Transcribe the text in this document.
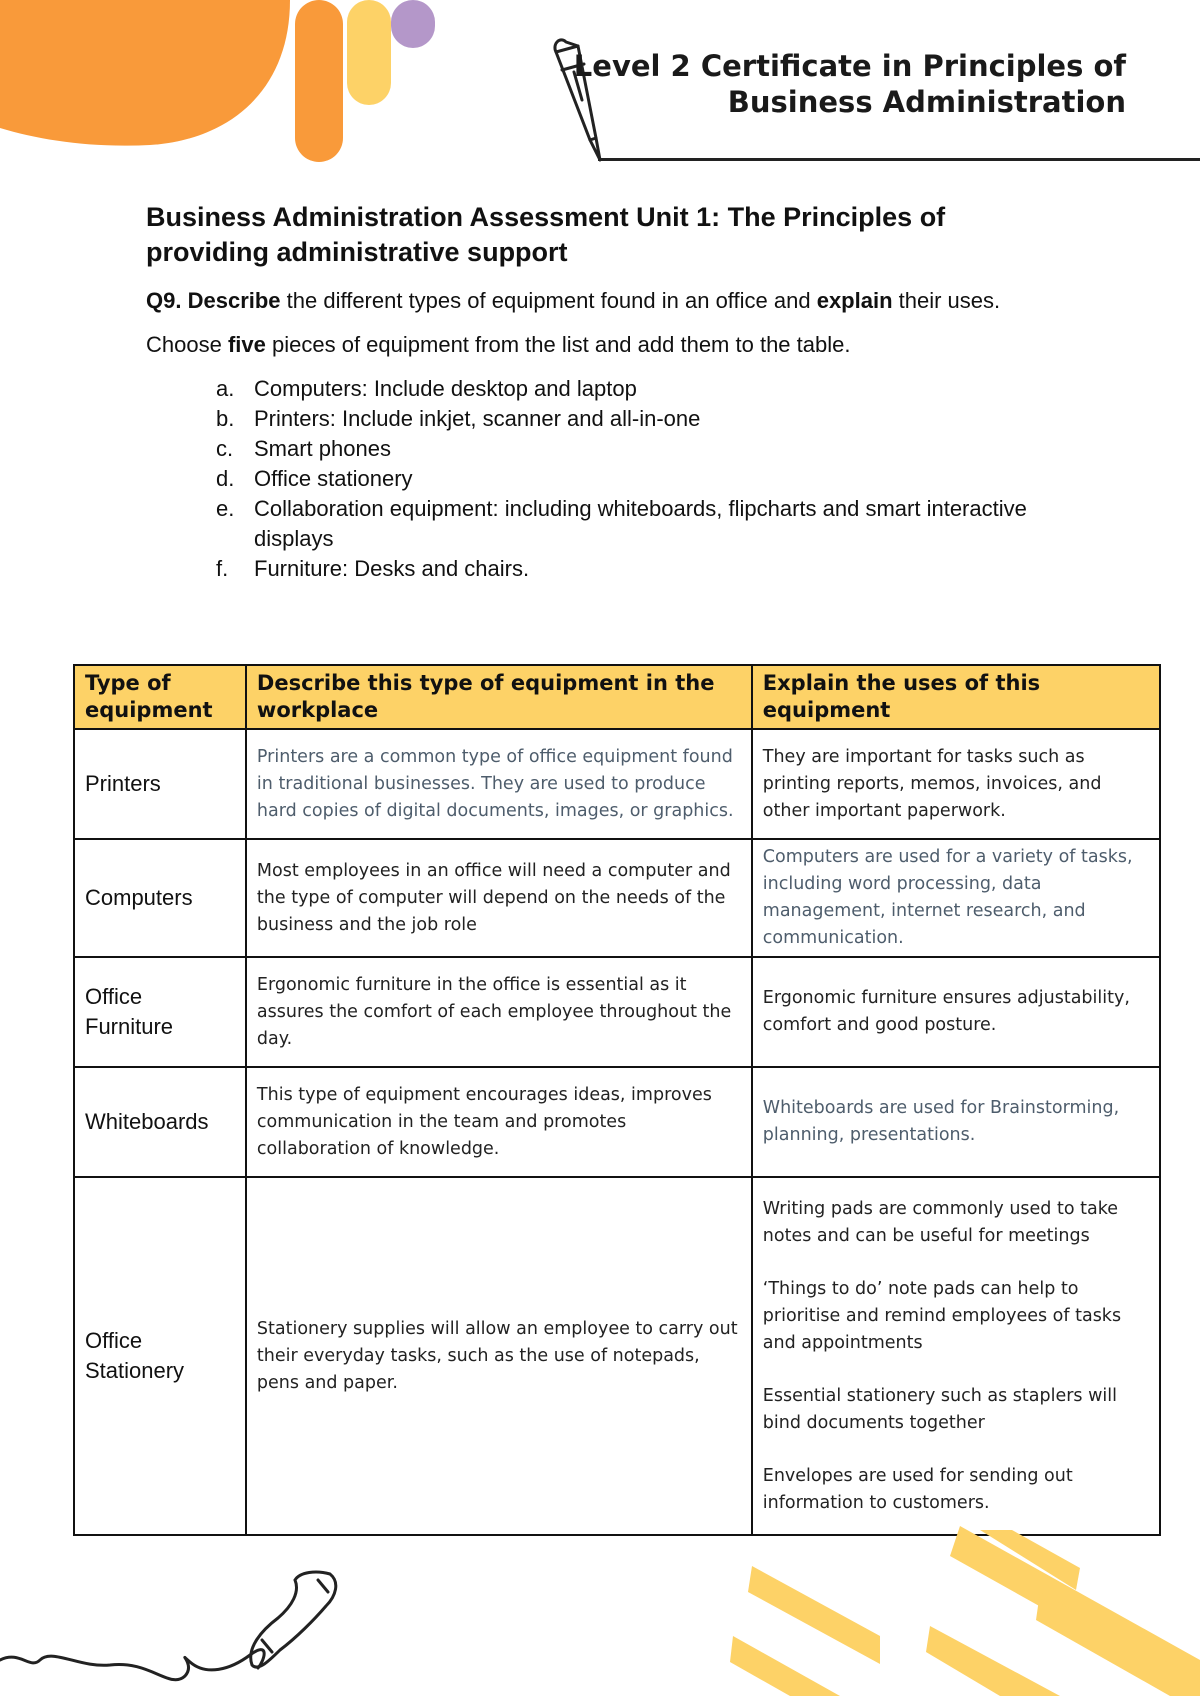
Level 2 Certificate in Principles of
Business Administration
Business Administration Assessment Unit 1: The Principles of providing administrative support

Q9. Describe the different types of equipment found in an office and explain their uses.

Choose five pieces of equipment from the list and add them to the table.

a. Computers: Include desktop and laptop
b. Printers: Include inkjet, scanner and all-in-one
c. Smart phones
d. Office stationery
e. Collaboration equipment: including whiteboards, flipcharts and smart interactive displays
f. Furniture: Desks and chairs.
Type of equipment	Describe this type of equipment in the workplace	Explain the uses of this equipment
Printers	Printers are a common type of office equipment found in traditional businesses. They are used to produce hard copies of digital documents, images, or graphics.	They are important for tasks such as printing reports, memos, invoices, and other important paperwork.
Computers	Most employees in an office will need a computer and the type of computer will depend on the needs of the business and the job role	Computers are used for a variety of tasks, including word processing, data management, internet research, and communication.
Office Furniture	Ergonomic furniture in the office is essential as it assures the comfort of each employee throughout the day.	Ergonomic furniture ensures adjustability, comfort and good posture.
Whiteboards	This type of equipment encourages ideas, improves communication in the team and promotes collaboration of knowledge.	Whiteboards are used for Brainstorming, planning, presentations.
Office Stationery	Stationery supplies will allow an employee to carry out their everyday tasks, such as the use of notepads, pens and paper.	Writing pads are commonly used to take notes and can be useful for meetings
‘Things to do’ note pads can help to prioritise and remind employees of tasks and appointments
Essential stationery such as staplers will bind documents together
Envelopes are used for sending out information to customers.
